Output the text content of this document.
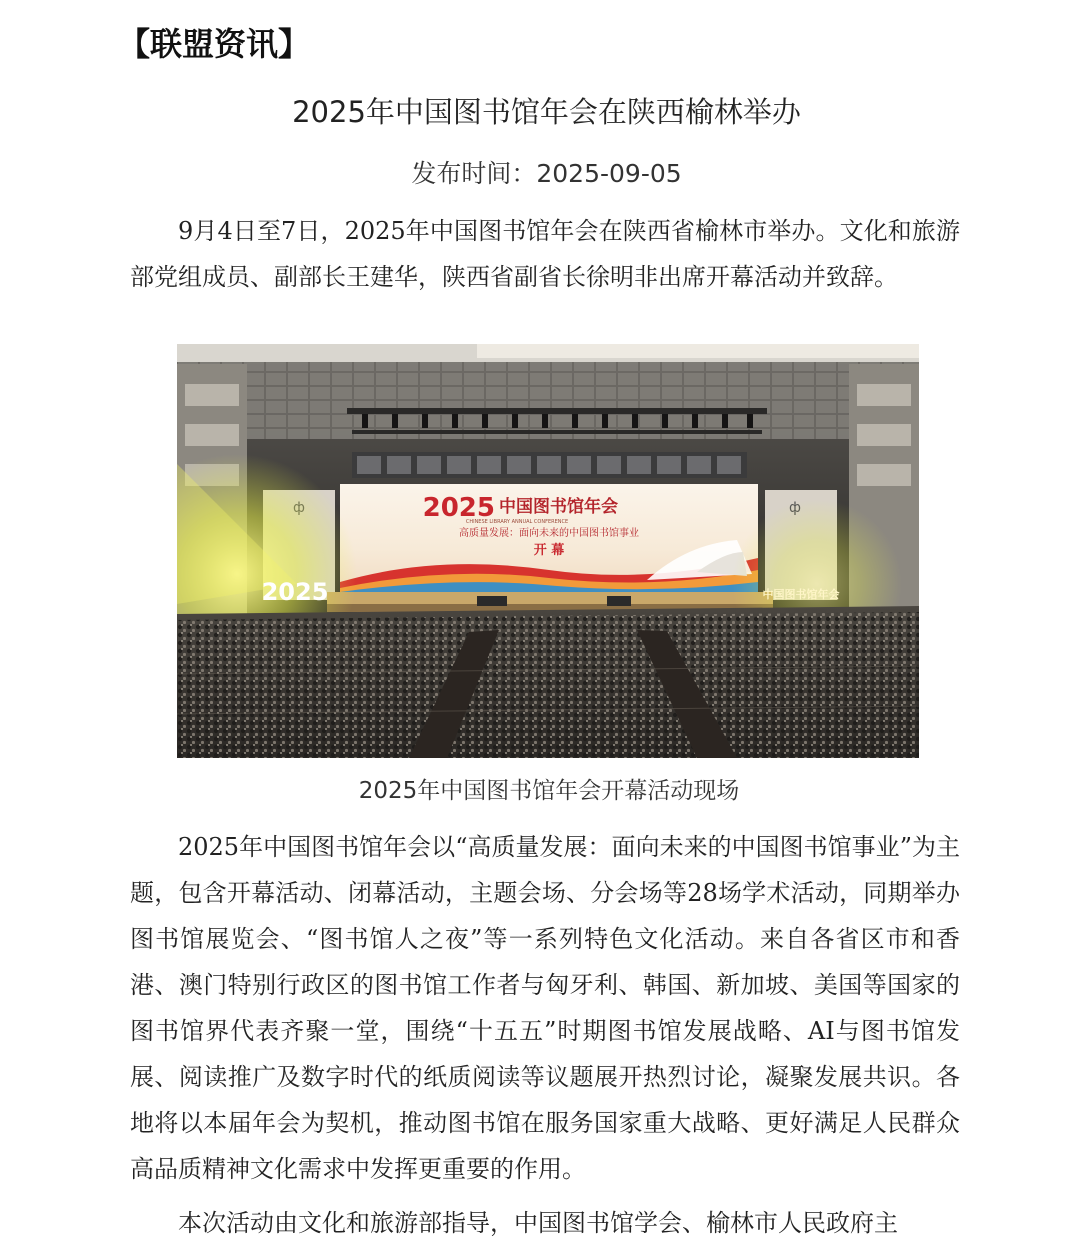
【联盟资讯】
2025年中国图书馆年会在陕西榆林举办
发布时间：2025-09-05

9月4日至7日，2025年中国图书馆年会在陕西省榆林市举办。文化和旅游部党组成员、副部长王建华，陕西省副省长徐明非出席开幕活动并致辞。

2025 中国图书馆年会
CHINESE LIBRARY ANNUAL CONFERENCE
高质量发展：面向未来的中国图书馆事业
开 幕
2025	中国图书馆年会
2025年中国图书馆年会开幕活动现场

2025年中国图书馆年会以“高质量发展：面向未来的中国图书馆事业”为主题，包含开幕活动、闭幕活动，主题会场、分会场等28场学术活动，同期举办图书馆展览会、“图书馆人之夜”等一系列特色文化活动。来自各省区市和香港、澳门特别行政区的图书馆工作者与匈牙利、韩国、新加坡、美国等国家的图书馆界代表齐聚一堂，围绕“十五五”时期图书馆发展战略、AI与图书馆发展、阅读推广及数字时代的纸质阅读等议题展开热烈讨论，凝聚发展共识。各地将以本届年会为契机，推动图书馆在服务国家重大战略、更好满足人民群众高品质精神文化需求中发挥更重要的作用。

本次活动由文化和旅游部指导，中国图书馆学会、榆林市人民政府主
